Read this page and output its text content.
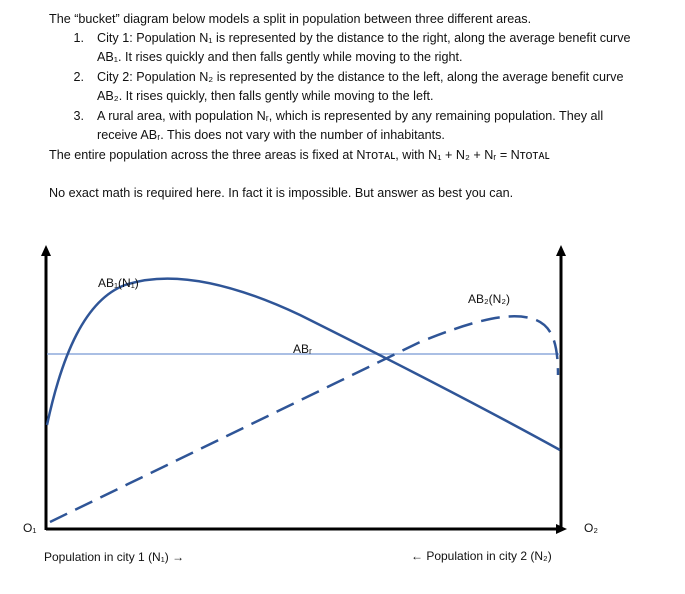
The “bucket” diagram below models a split in population between three different areas.
1. City 1: Population N₁ is represented by the distance to the right, along the average benefit curve
AB₁. It rises quickly and then falls gently while moving to the right.
2. City 2: Population N₂ is represented by the distance to the left, along the average benefit curve
AB₂. It rises quickly, then falls gently while moving to the left.
3. A rural area, with population Nᵣ, which is represented by any remaining population. They all
receive ABᵣ. This does not vary with the number of inhabitants.
The entire population across the three areas is fixed at Nᴛᴏᴛᴀʟ, with N₁ + N₂ + Nᵣ = Nᴛᴏᴛᴀʟ
No exact math is required here. In fact it is impossible. But answer as best you can.
AB₁(N₁)
AB₂(N₂)
ABᵣ
O₁	O₂
Population in city 1 (N₁) →	← Population in city 2 (N₂)
